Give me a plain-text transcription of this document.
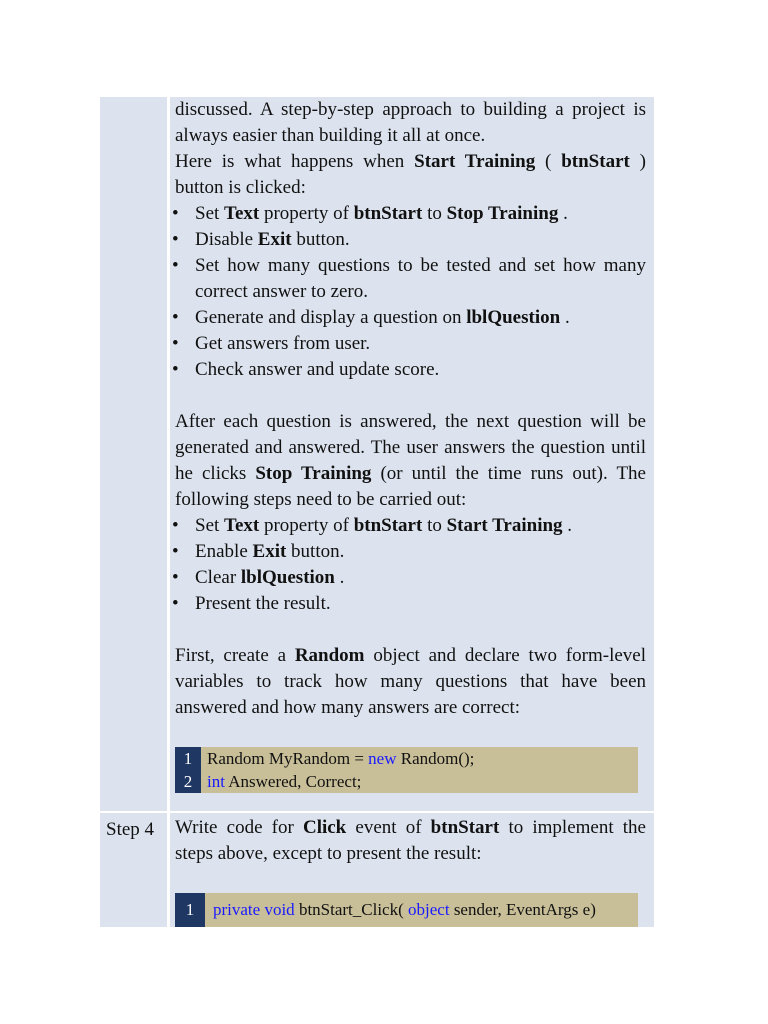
discussed. A step-by-step approach to building a project is always easier than building it all at once.

Here is what happens when Start Training ( btnStart ) button is clicked:

• Set Text property of btnStart to Stop Training .
• Disable Exit button.
• Set how many questions to be tested and set how many correct answer to zero.
• Generate and display a question on lblQuestion .
• Get answers from user.
• Check answer and update score.

After each question is answered, the next question will be generated and answered. The user answers the question until he clicks Stop Training (or until the time runs out). The following steps need to be carried out:

• Set Text property of btnStart to Start Training .
• Enable Exit button.
• Clear lblQuestion .
• Present the result.

First, create a Random object and declare two form-level variables to track how many questions that have been answered and how many answers are correct:

1 Random MyRandom = new Random();
2 int Answered, Correct;
Step 4 Write code for Click event of btnStart to implement the steps above, except to present the result:

1	private void btnStart_Click( object sender, EventArgs e)
